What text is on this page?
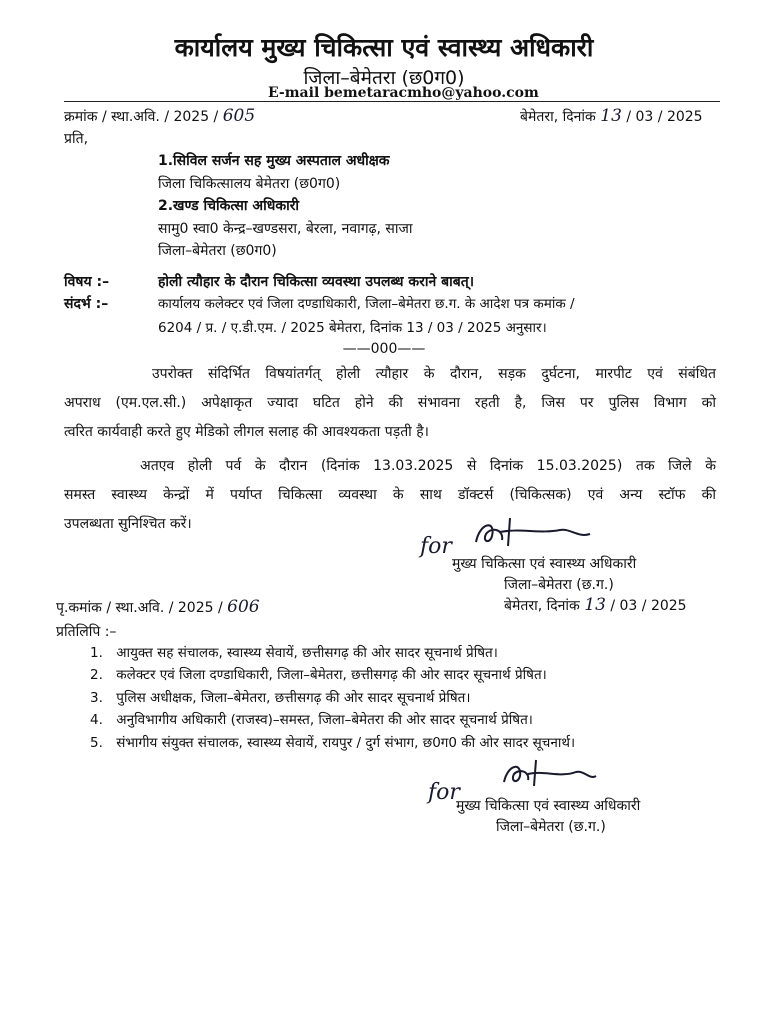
कार्यालय मुख्य चिकित्सा एवं स्वास्थ्य अधिकारी
जिला–बेमेतरा (छ0ग0)
E-mail bemetaracmho@yahoo.com
क्रमांक / स्था.अवि. / 2025 / 605	बेमेतरा, दिनांक 13 / 03 / 2025
प्रति,
1.सिविल सर्जन सह मुख्य अस्पताल अधीक्षक
जिला चिकित्सालय बेमेतरा (छ0ग0)
2.खण्ड चिकित्सा अधिकारी
सामु0 स्वा0 केन्द्र–खण्डसरा, बेरला, नवागढ़, साजा
जिला–बेमेतरा (छ0ग0)
विषय :–	होली त्यौहार के दौरान चिकित्सा व्यवस्था उपलब्ध कराने बाबत्।
संदर्भ :–	कार्यालय कलेक्टर एवं जिला दण्डाधिकारी, जिला–बेमेतरा छ.ग. के आदेश पत्र कमांक /
6204 / प्र. / ए.डी.एम. / 2025 बेमेतरा, दिनांक 13 / 03 / 2025 अनुसार।
——000——
उपरोक्त संदिर्भित विषयांतर्गत् होली त्यौहार के दौरान, सड़क दुर्घटना, मारपीट एवं संबंधित
अपराध (एम.एल.सी.) अपेक्षाकृत ज्यादा घटित होने की संभावना रहती है, जिस पर पुलिस विभाग को
त्वरित कार्यवाही करते हुए मेडिको लीगल सलाह की आवश्यकता पड़ती है।
अतएव होली पर्व के दौरान (दिनांक 13.03.2025 से दिनांक 15.03.2025) तक जिले के
समस्त स्वास्थ्य केन्द्रों में पर्याप्त चिकित्सा व्यवस्था के साथ डॉक्टर्स (चिकित्सक) एवं अन्य स्टॉफ की
उपलब्धता सुनिश्चित करें।
for
मुख्य चिकित्सा एवं स्वास्थ्य अधिकारी
जिला–बेमेतरा (छ.ग.)
बेमेतरा, दिनांक 13 / 03 / 2025
पृ.कमांक / स्था.अवि. / 2025 / 606
प्रतिलिपि :–
1. आयुक्त सह संचालक, स्वास्थ्य सेवायें, छत्तीसगढ़ की ओर सादर सूचनार्थ प्रेषित।
2. कलेक्टर एवं जिला दण्डाधिकारी, जिला–बेमेतरा, छत्तीसगढ़ की ओर सादर सूचनार्थ प्रेषित।
3. पुलिस अधीक्षक, जिला–बेमेतरा, छत्तीसगढ़ की ओर सादर सूचनार्थ प्रेषित।
4. अनुविभागीय अधिकारी (राजस्व)–समस्त, जिला–बेमेतरा की ओर सादर सूचनार्थ प्रेषित।
5. संभागीय संयुक्त संचालक, स्वास्थ्य सेवायें, रायपुर / दुर्ग संभाग, छ0ग0 की ओर सादर सूचनार्थ।
for
मुख्य चिकित्सा एवं स्वास्थ्य अधिकारी
जिला–बेमेतरा (छ.ग.)
